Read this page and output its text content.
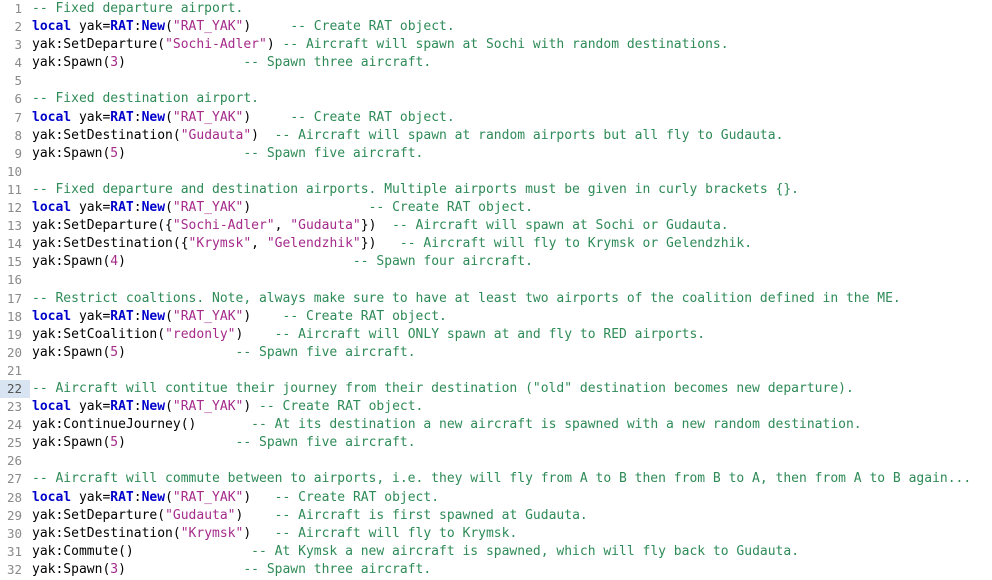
1 -- Fixed departure airport.
2 local yak=RAT:New("RAT_YAK")     -- Create RAT object.
3 yak:SetDeparture("Sochi-Adler") -- Aircraft will spawn at Sochi with random destinations.
4 yak:Spawn(3)               -- Spawn three aircraft.
5
6 -- Fixed destination airport.
7 local yak=RAT:New("RAT_YAK")     -- Create RAT object.
8 yak:SetDestination("Gudauta")  -- Aircraft will spawn at random airports but all fly to Gudauta.
9 yak:Spawn(5)               -- Spawn five aircraft.
10
11 -- Fixed departure and destination airports. Multiple airports must be given in curly brackets {}.
12 local yak=RAT:New("RAT_YAK")               -- Create RAT object.
13 yak:SetDeparture({"Sochi-Adler", "Gudauta"})  -- Aircraft will spawn at Sochi or Gudauta.
14 yak:SetDestination({"Krymsk", "Gelendzhik"})   -- Aircraft will fly to Krymsk or Gelendzhik.
15 yak:Spawn(4)                             -- Spawn four aircraft.
16
17 -- Restrict coaltions. Note, always make sure to have at least two airports of the coalition defined in the ME.
18 local yak=RAT:New("RAT_YAK")    -- Create RAT object.
19 yak:SetCoalition("redonly")    -- Aircraft will ONLY spawn at and fly to RED airports.
20 yak:Spawn(5)              -- Spawn five aircraft.
21
22 -- Aircraft will contitue their journey from their destination ("old" destination becomes new departure).
23 local yak=RAT:New("RAT_YAK") -- Create RAT object.
24 yak:ContinueJourney()       -- At its destination a new aircraft is spawned with a new random destination.
25 yak:Spawn(5)              -- Spawn five aircraft.
26
27 -- Aircraft will commute between to airports, i.e. they will fly from A to B then from B to A, then from A to B again...
28 local yak=RAT:New("RAT_YAK")   -- Create RAT object.
29 yak:SetDeparture("Gudauta")    -- Aircraft is first spawned at Gudauta.
30 yak:SetDestination("Krymsk")   -- Aircraft will fly to Krymsk.
31 yak:Commute()               -- At Kymsk a new aircraft is spawned, which will fly back to Gudauta.
32 yak:Spawn(3)               -- Spawn three aircraft.
